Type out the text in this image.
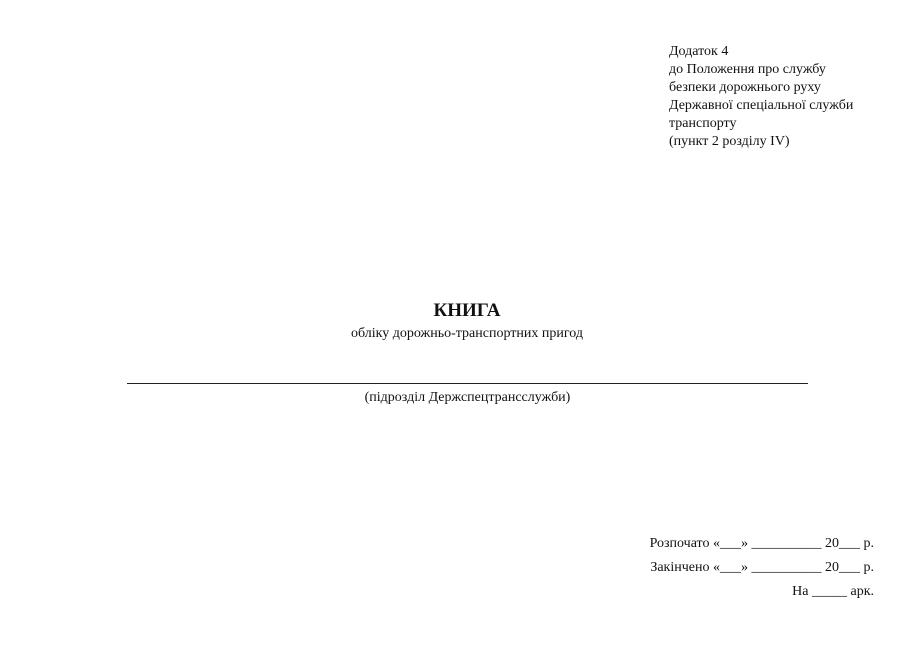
Додаток 4
до Положення про службу
безпеки дорожнього руху
Державної спеціальної служби
транспорту
(пункт 2 розділу IV)
КНИГА
обліку дорожньо-транспортних пригод
(підрозділ Держспецтрансслужби)
Розпочато «___» __________ 20___ р.
Закінчено «___» __________ 20___ р.
На _____ арк.
